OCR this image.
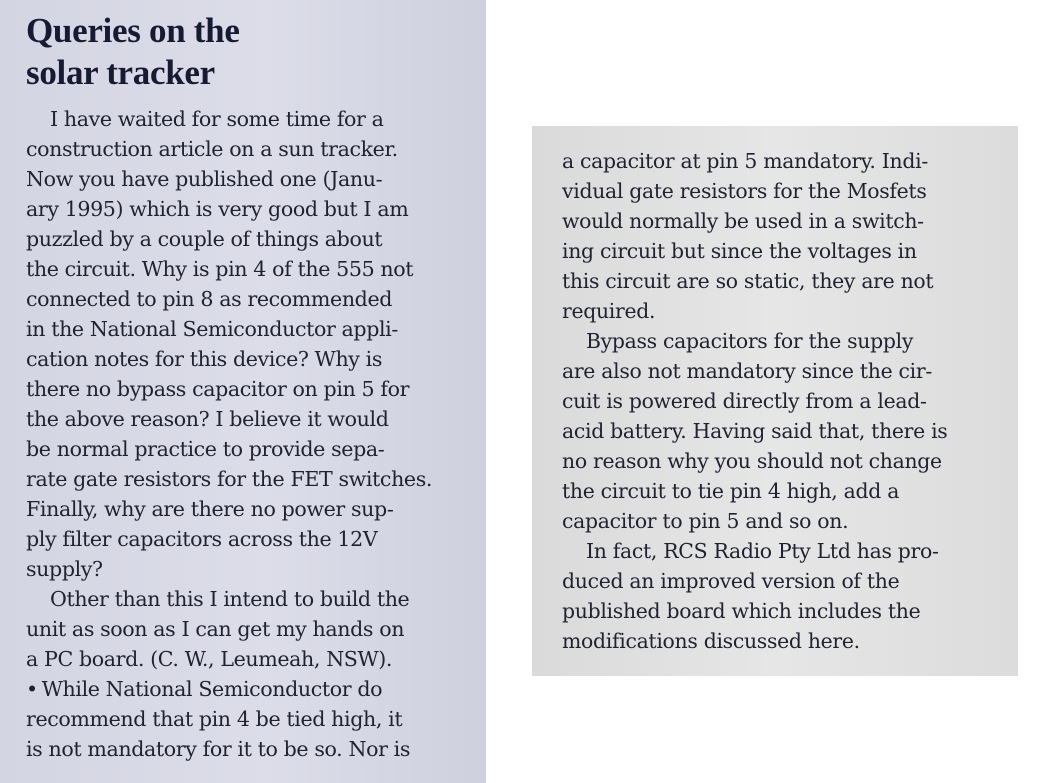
Queries on the
solar tracker

I have waited for some time for a
construction article on a sun tracker.
Now you have published one (Janu-
ary 1995) which is very good but I am
puzzled by a couple of things about
the circuit. Why is pin 4 of the 555 not
connected to pin 8 as recommended
in the National Semiconductor appli-
cation notes for this device? Why is
there no bypass capacitor on pin 5 for
the above reason? I believe it would
be normal practice to provide sepa-
rate gate resistors for the FET switches.
Finally, why are there no power sup-
ply filter capacitors across the 12V
supply?

Other than this I intend to build the
unit as soon as I can get my hands on
a PC board. (C. W., Leumeah, NSW).

• While National Semiconductor do
recommend that pin 4 be tied high, it
is not mandatory for it to be so. Nor is

a capacitor at pin 5 mandatory. Indi-
vidual gate resistors for the Mosfets
would normally be used in a switch-
ing circuit but since the voltages in
this circuit are so static, they are not
required.

Bypass capacitors for the supply
are also not mandatory since the cir-
cuit is powered directly from a lead-
acid battery. Having said that, there is
no reason why you should not change
the circuit to tie pin 4 high, add a
capacitor to pin 5 and so on.

In fact, RCS Radio Pty Ltd has pro-
duced an improved version of the
published board which includes the
modifications discussed here.
